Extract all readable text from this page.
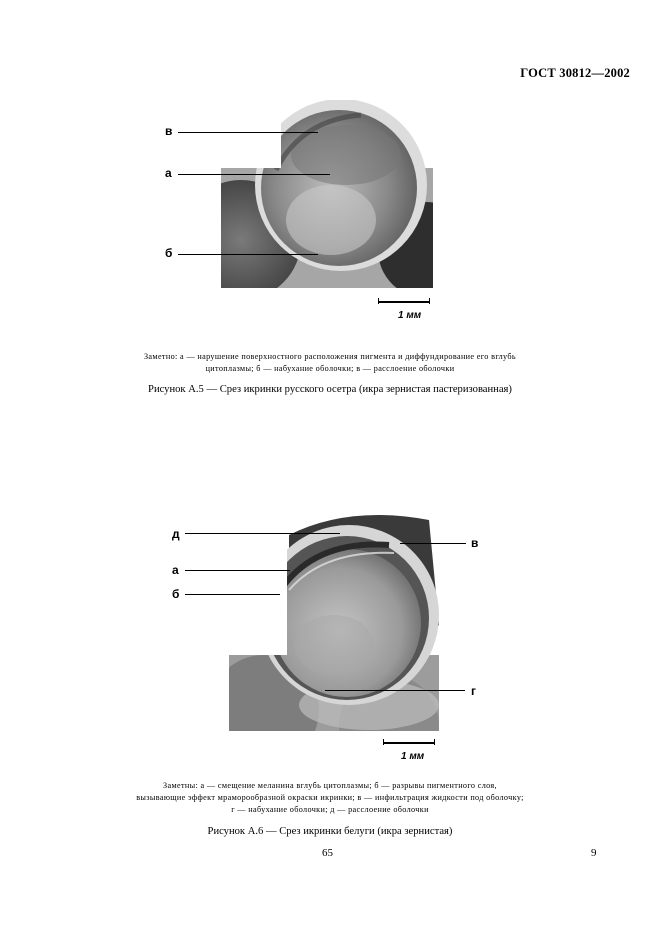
ГОСТ 30812—2002
в
а
б
1 мм
Заметно: а — нарушение поверхностного расположения пигмента и диффундирование его вглубь
цитоплазмы; б — набухание оболочки; в — расслоение оболочки
Рисунок А.5 — Срез икринки русского осетра (икра зернистая пастеризованная)
д
в
а
б
г
1 мм
Заметны: а — смещение меланина вглубь цитоплазмы; б — разрывы пигментного слоя,
вызывающие эффект мраморообразной окраски икринки; в — инфильтрация жидкости под оболочку;
г — набухание оболочки; д — расслоение оболочки
Рисунок А.6 — Срез икринки белуги (икра зернистая)
65	9
